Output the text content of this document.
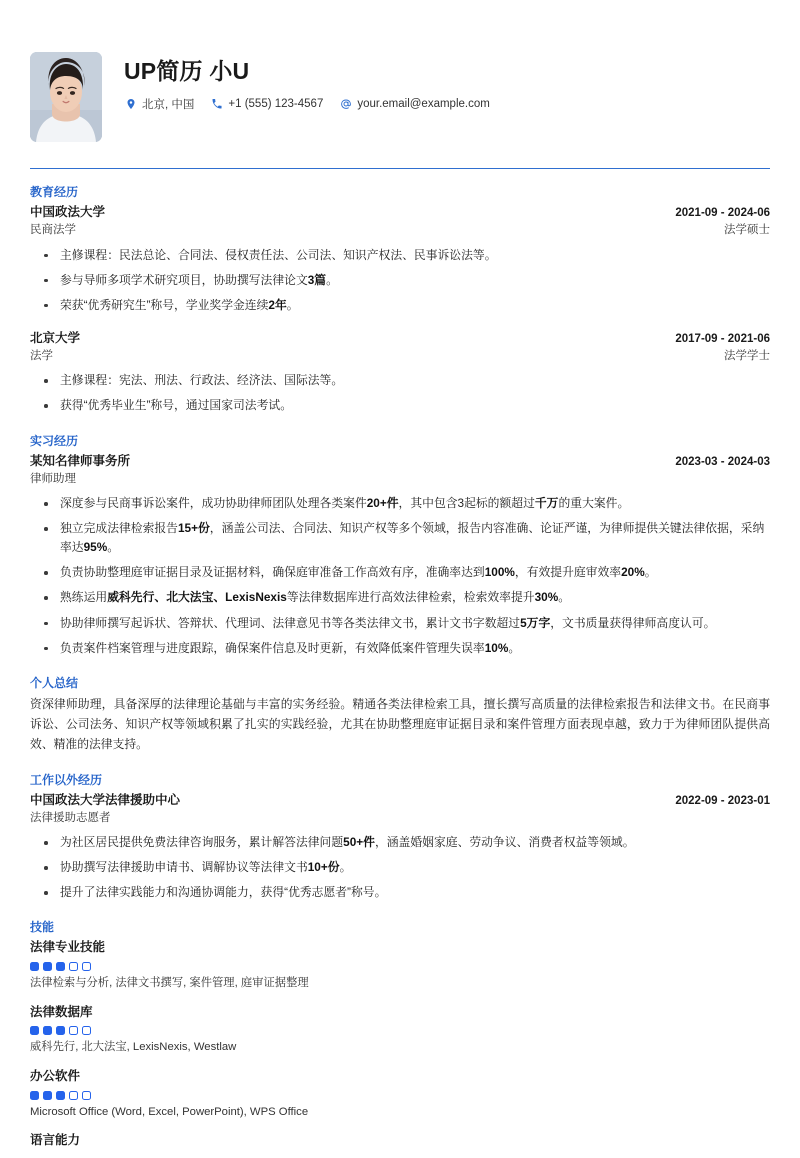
UP简历 小U
北京, 中国	+1 (555) 123-4567	your.email@example.com
教育经历
中国政法大学	2021-09 - 2024-06
民商法学	法学硕士
主修课程：民法总论、合同法、侵权责任法、公司法、知识产权法、民事诉讼法等。
参与导师多项学术研究项目，协助撰写法律论文3篇。
荣获“优秀研究生”称号，学业奖学金连续2年。
北京大学	2017-09 - 2021-06
法学	法学学士
主修课程：宪法、刑法、行政法、经济法、国际法等。
获得“优秀毕业生”称号，通过国家司法考试。
实习经历
某知名律师事务所	2023-03 - 2024-03
律师助理
深度参与民商事诉讼案件，成功协助律师团队处理各类案件20+件，其中包含3起标的额超过千万的重大案件。
独立完成法律检索报告15+份，涵盖公司法、合同法、知识产权等多个领域，报告内容准确、论证严谨，为律师提供关键法律依据，采纳率达95%。
负责协助整理庭审证据目录及证据材料，确保庭审准备工作高效有序，准确率达到100%，有效提升庭审效率20%。
熟练运用威科先行、北大法宝、LexisNexis等法律数据库进行高效法律检索，检索效率提升30%。
协助律师撰写起诉状、答辩状、代理词、法律意见书等各类法律文书，累计文书字数超过5万字，文书质量获得律师高度认可。
负责案件档案管理与进度跟踪，确保案件信息及时更新，有效降低案件管理失误率10%。
个人总结
资深律师助理，具备深厚的法律理论基础与丰富的实务经验。精通各类法律检索工具，擅长撰写高质量的法律检索报告和法律文书。在民商事诉讼、公司法务、知识产权等领域积累了扎实的实践经验，尤其在协助整理庭审证据目录和案件管理方面表现卓越，致力于为律师团队提供高效、精准的法律支持。
工作以外经历
中国政法大学法律援助中心	2022-09 - 2023-01
法律援助志愿者
为社区居民提供免费法律咨询服务，累计解答法律问题50+件，涵盖婚姻家庭、劳动争议、消费者权益等领域。
协助撰写法律援助申请书、调解协议等法律文书10+份。
提升了法律实践能力和沟通协调能力，获得“优秀志愿者”称号。
技能
法律专业技能
法律检索与分析, 法律文书撰写, 案件管理, 庭审证据整理
法律数据库
威科先行, 北大法宝, LexisNexis, Westlaw
办公软件
Microsoft Office (Word, Excel, PowerPoint), WPS Office
语言能力
